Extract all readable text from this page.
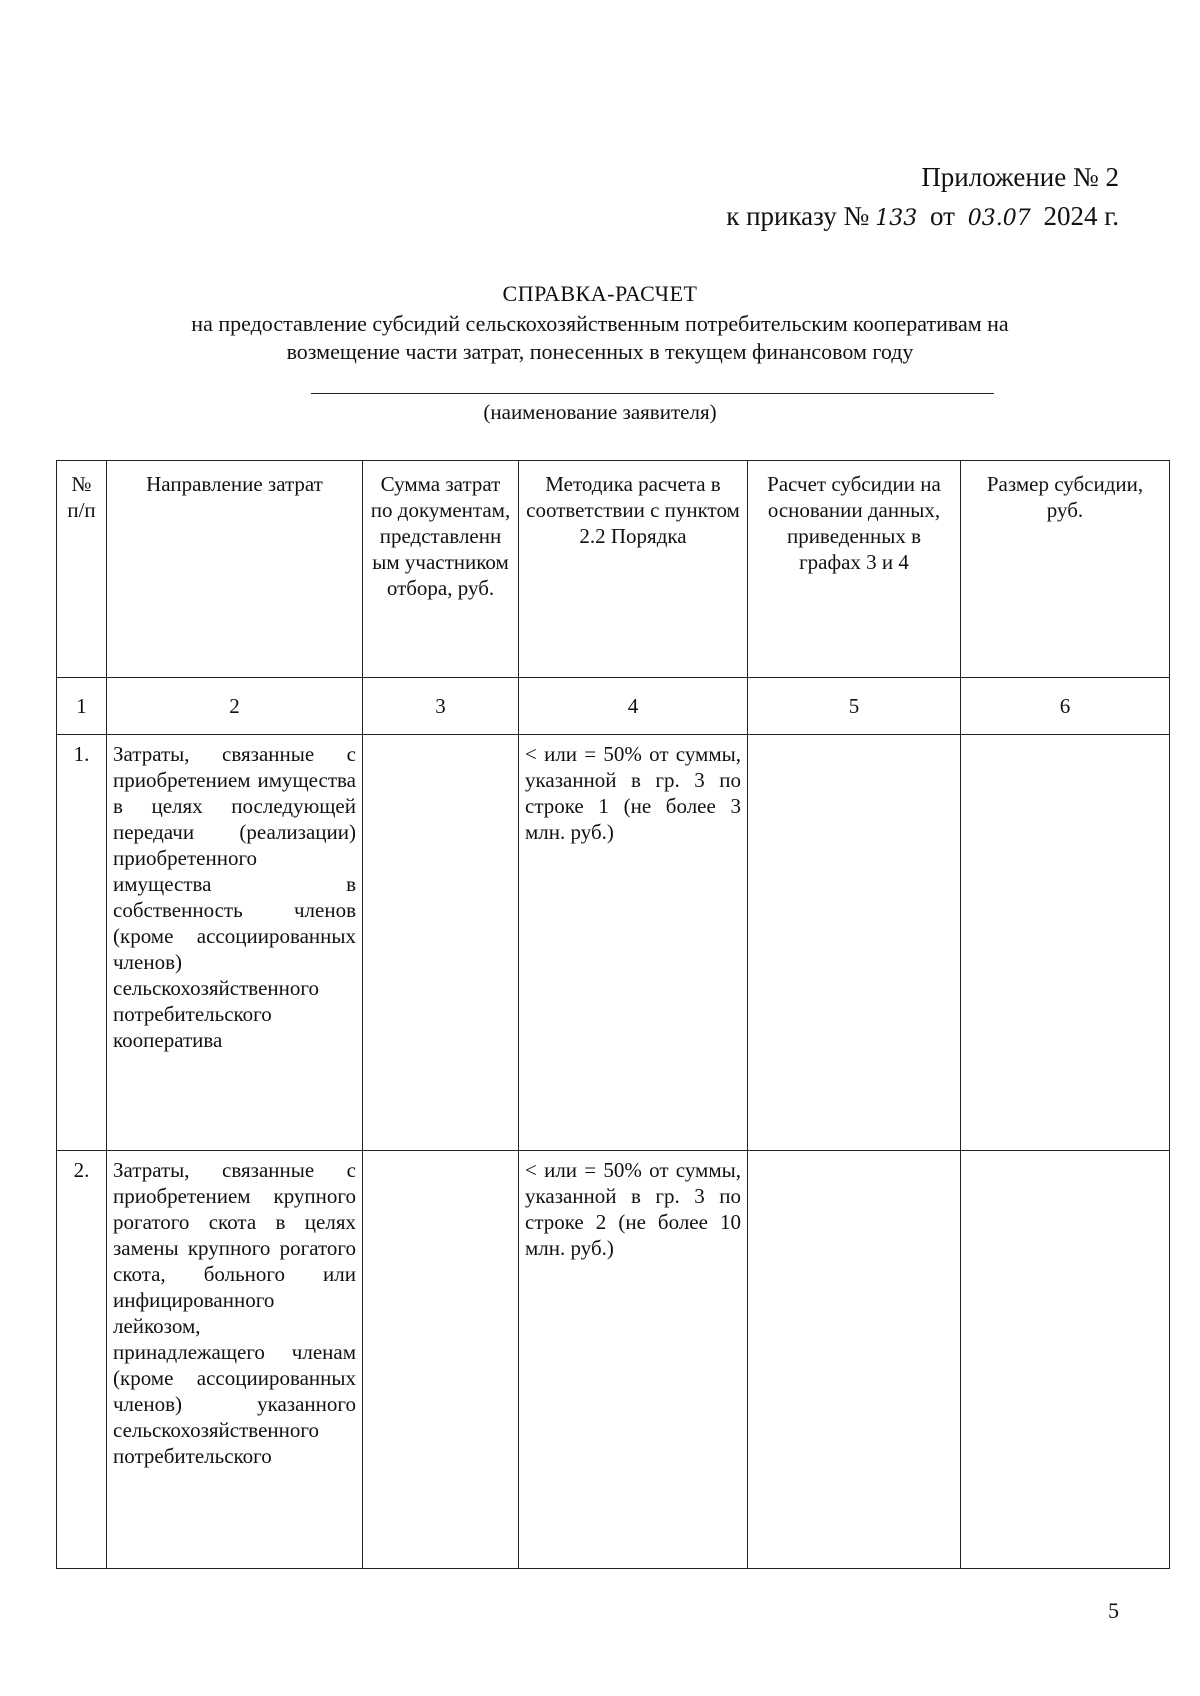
Приложение № 2
к приказу № 133 от 03.07 2024 г.
СПРАВКА-РАСЧЕТ
на предоставление субсидий сельскохозяйственным потребительским кооперативам на
возмещение части затрат, понесенных в текущем финансовом году
(наименование заявителя)
№ п/п	Направление затрат	Сумма затрат по документам, представленн ым участником отбора, руб.	Методика расчета в соответствии с пунктом 2.2 Порядка	Расчет субсидии на основании данных, приведенных в графах 3 и 4	Размер субсидии, руб.
1	2	3	4	5	6
1.	Затраты, связанные с приобретением имущества в целях последующей передачи (реализации) приобретенного имущества в собственность членов (кроме ассоциированных членов) сельскохозяйственного потребительского кооператива		< или = 50% от суммы, указанной в гр. 3 по строке 1 (не более 3 млн. руб.)		
2.	Затраты, связанные с приобретением крупного рогатого скота в целях замены крупного рогатого скота, больного или инфицированного лейкозом, принадлежащего членам (кроме ассоциированных членов) указанного сельскохозяйственного потребительского		< или = 50% от суммы, указанной в гр. 3 по строке 2 (не более 10 млн. руб.)		
5
